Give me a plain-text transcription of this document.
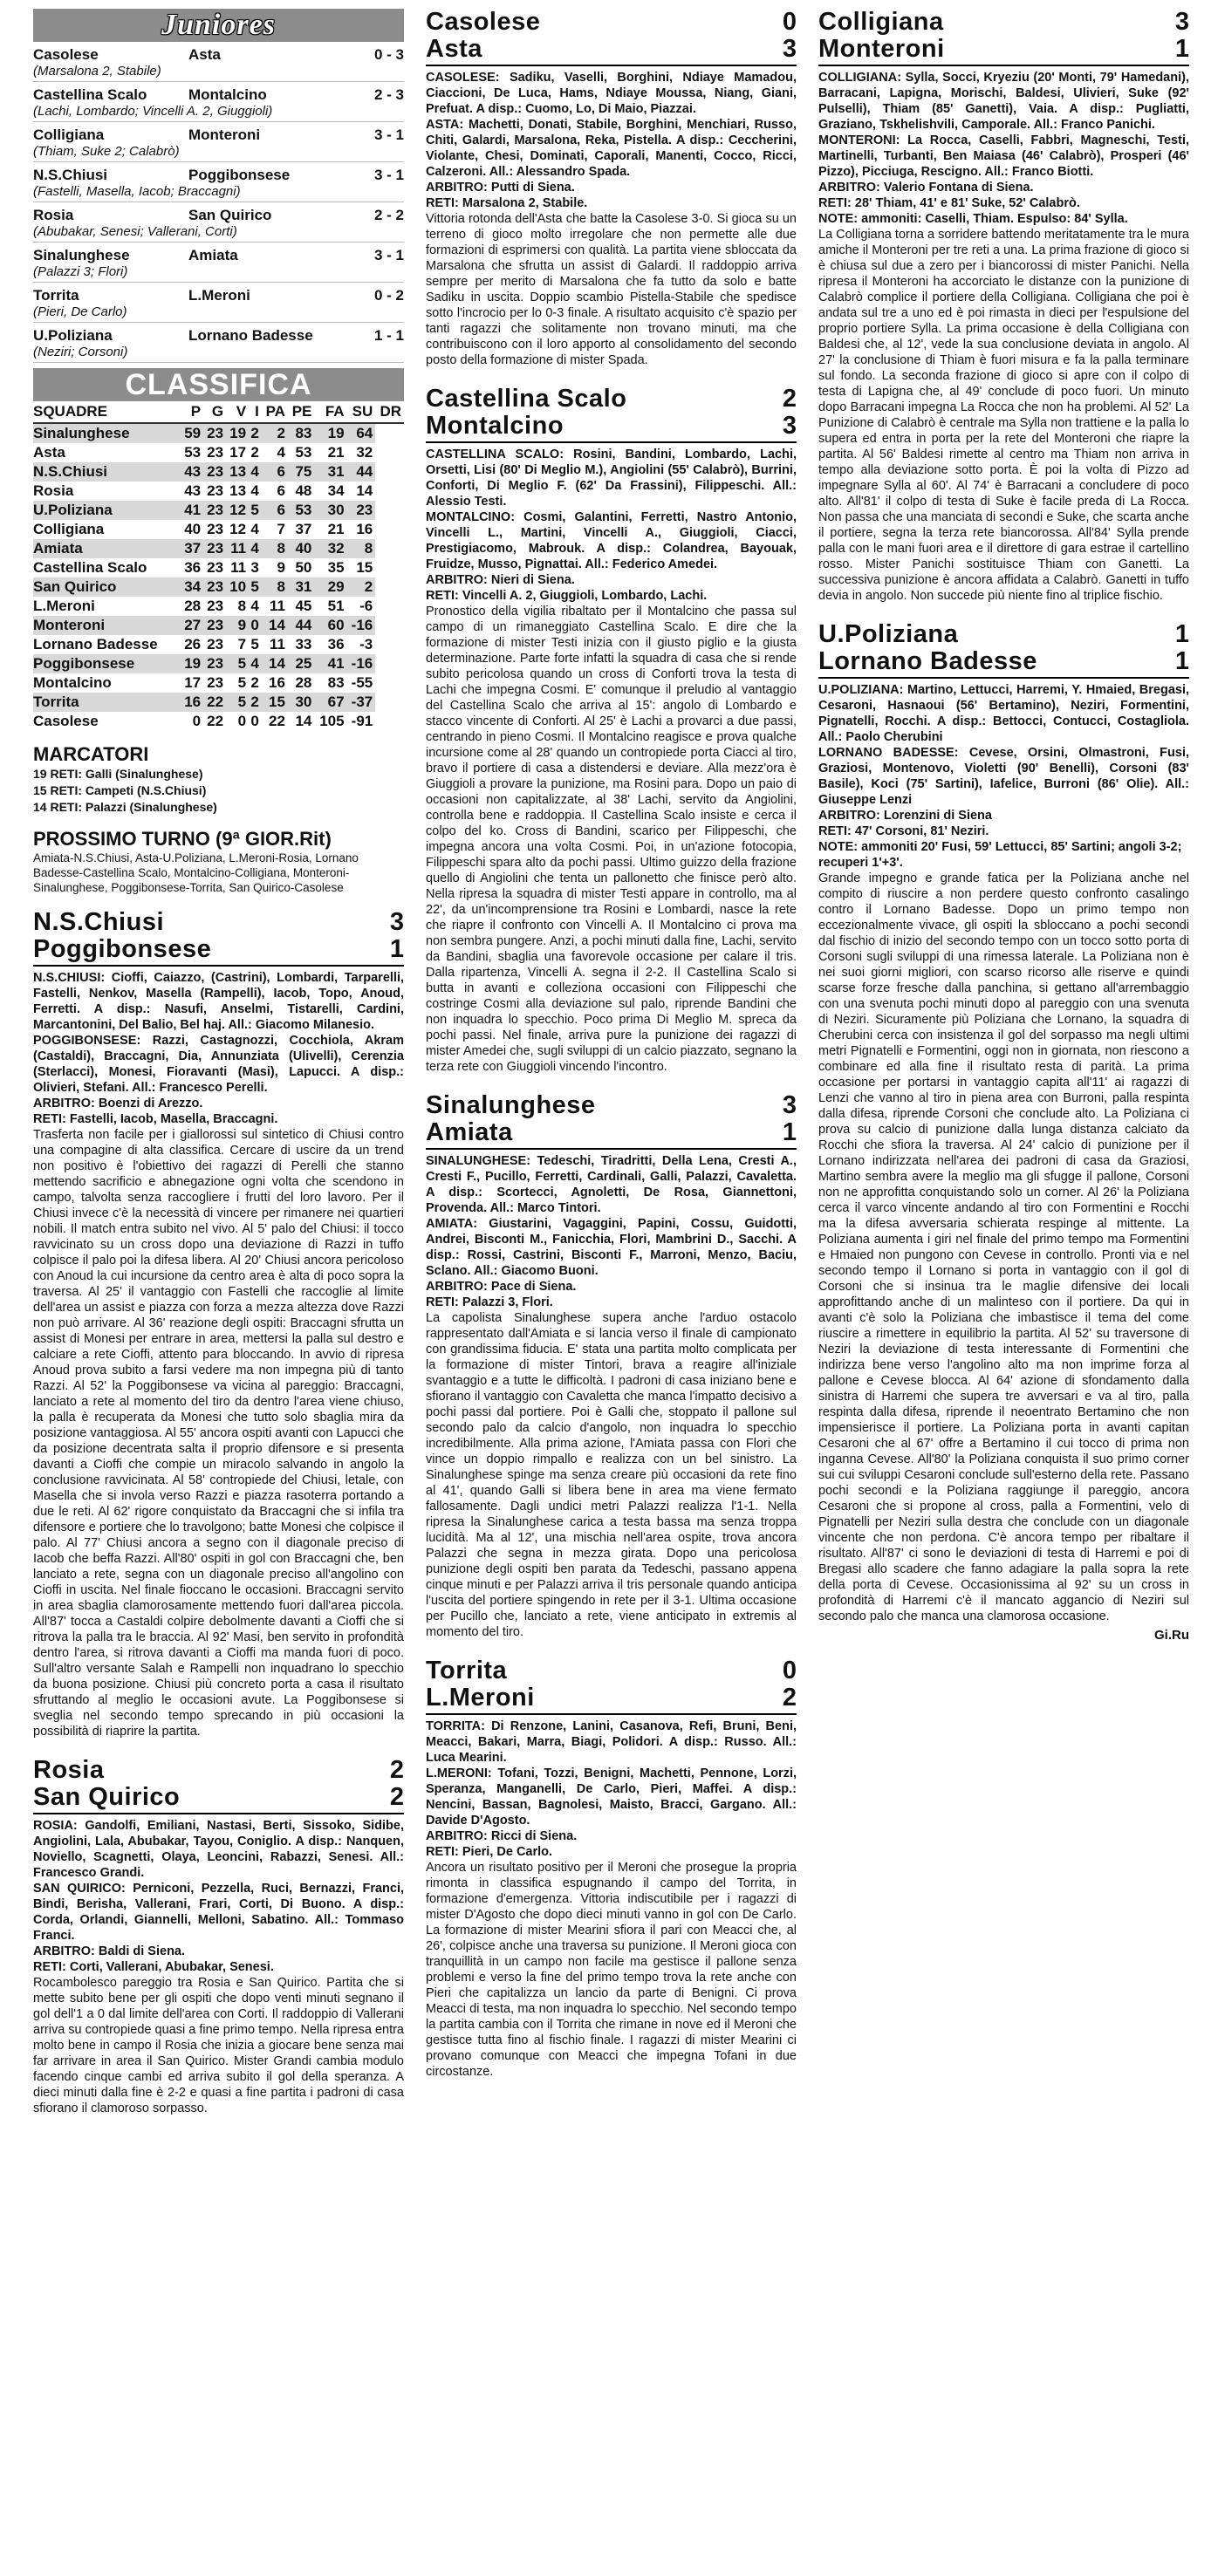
Juniores
Casolese	Asta	0 - 3
(Marsalona 2, Stabile)
Castellina Scalo	Montalcino	2 - 3
(Lachi, Lombardo; Vincelli A. 2, Giuggioli)
Colligiana	Monteroni	3 - 1
(Thiam, Suke 2; Calabrò)
N.S.Chiusi	Poggibonsese	3 - 1
(Fastelli, Masella, Iacob; Braccagni)
Rosia	San Quirico	2 - 2
(Abubakar, Senesi; Vallerani, Corti)
Sinalunghese	Amiata	3 - 1
(Palazzi 3; Flori)
Torrita	L.Meroni	0 - 2
(Pieri, De Carlo)
U.Poliziana	Lornano Badesse	1 - 1
(Neziri; Corsoni)
CLASSIFICA
SQUADRE	P	G	V	I	PA	PE	FA	SU	DR
Sinalunghese	59	23	19	2	2	83	19	64	
Asta	53	23	17	2	4	53	21	32	
N.S.Chiusi	43	23	13	4	6	75	31	44	
Rosia	43	23	13	4	6	48	34	14	
U.Poliziana	41	23	12	5	6	53	30	23	
Colligiana	40	23	12	4	7	37	21	16	
Amiata	37	23	11	4	8	40	32	8	
Castellina Scalo	36	23	11	3	9	50	35	15	
San Quirico	34	23	10	5	8	31	29	2	
L.Meroni	28	23	8	4	11	45	51	-6	
Monteroni	27	23	9	0	14	44	60	-16	
Lornano Badesse	26	23	7	5	11	33	36	-3	
Poggibonsese	19	23	5	4	14	25	41	-16	
Montalcino	17	23	5	2	16	28	83	-55	
Torrita	16	22	5	2	15	30	67	-37	
Casolese	0	22	0	0	22	14	105	-91	
MARCATORI
19 RETI: Galli (Sinalunghese)
15 RETI: Campeti (N.S.Chiusi)
14 RETI: Palazzi (Sinalunghese)
PROSSIMO TURNO (9ª GIOR.Rit)
Amiata-N.S.Chiusi, Asta-U.Poliziana, L.Meroni-Rosia, Lornano Badesse-Castellina Scalo, Montalcino-Colligiana, Monteroni-Sinalunghese, Poggibonsese-Torrita, San Quirico-Casolese
N.S.Chiusi	3
Poggibonsese	1
N.S.CHIUSI: Cioffi, Caiazzo, (Castrini), Lombardi, Tarparelli, Fastelli, Nenkov, Masella (Rampelli), Iacob, Topo, Anoud, Ferretti. A disp.: Nasufi, Anselmi, Tistarelli, Cardini, Marcantonini, Del Balio, Bel haj. All.: Giacomo Milanesio.
POGGIBONSESE: Razzi, Castagnozzi, Cocchiola, Akram (Castaldi), Braccagni, Dia, Annunziata (Ulivelli), Cerenzia (Sterlacci), Monesi, Fioravanti (Masi), Lapucci. A disp.: Olivieri, Stefani. All.: Francesco Perelli.
ARBITRO: Boenzi di Arezzo.
RETI: Fastelli, Iacob, Masella, Braccagni.
Trasferta non facile per i giallorossi sul sintetico di Chiusi contro una compagine di alta classifica. Cercare di uscire da un trend non positivo è l'obiettivo dei ragazzi di Perelli che stanno mettendo sacrificio e abnegazione ogni volta che scendono in campo, talvolta senza raccogliere i frutti del loro lavoro. Per il Chiusi invece c'è la necessità di vincere per rimanere nei quartieri nobili. Il match entra subito nel vivo. Al 5' palo del Chiusi: il tocco ravvicinato su un cross dopo una deviazione di Razzi in tuffo colpisce il palo poi la difesa libera. Al 20' Chiusi ancora pericoloso con Anoud la cui incursione da centro area è alta di poco sopra la traversa. Al 25' il vantaggio con Fastelli che raccoglie al limite dell'area un assist e piazza con forza a mezza altezza dove Razzi non può arrivare. Al 36' reazione degli ospiti: Braccagni sfrutta un assist di Monesi per entrare in area, mettersi la palla sul destro e calciare a rete Cioffi, attento para bloccando. In avvio di ripresa Anoud prova subito a farsi vedere ma non impegna più di tanto Razzi. Al 52' la Poggibonsese va vicina al pareggio: Braccagni, lanciato a rete al momento del tiro da dentro l'area viene chiuso, la palla è recuperata da Monesi che tutto solo sbaglia mira da posizione vantaggiosa. Al 55' ancora ospiti avanti con Lapucci che da posizione decentrata salta il proprio difensore e si presenta davanti a Cioffi che compie un miracolo salvando in angolo la conclusione ravvicinata. Al 58' contropiede del Chiusi, letale, con Masella che si invola verso Razzi e piazza rasoterra portando a due le reti. Al 62' rigore conquistato da Braccagni che si infila tra difensore e portiere che lo travolgono; batte Monesi che colpisce il palo. Al 77' Chiusi ancora a segno con il diagonale preciso di Iacob che beffa Razzi. All'80' ospiti in gol con Braccagni che, ben lanciato a rete, segna con un diagonale preciso all'angolino con Cioffi in uscita. Nel finale fioccano le occasioni. Braccagni servito in area sbaglia clamorosamente mettendo fuori dall'area piccola. All'87' tocca a Castaldi colpire debolmente davanti a Cioffi che si ritrova la palla tra le braccia. Al 92' Masi, ben servito in profondità dentro l'area, si ritrova davanti a Cioffi ma manda fuori di poco. Sull'altro versante Salah e Rampelli non inquadrano lo specchio da buona posizione. Chiusi più concreto porta a casa il risultato sfruttando al meglio le occasioni avute. La Poggibonsese si sveglia nel secondo tempo sprecando in più occasioni la possibilità di riaprire la partita.
Rosia	2
San Quirico	2
ROSIA: Gandolfi, Emiliani, Nastasi, Berti, Sissoko, Sidibe, Angiolini, Lala, Abubakar, Tayou, Coniglio. A disp.: Nanquen, Noviello, Scagnetti, Olaya, Leoncini, Rabazzi, Senesi. All.: Francesco Grandi.
SAN QUIRICO: Perniconi, Pezzella, Ruci, Bernazzi, Franci, Bindi, Berisha, Vallerani, Frari, Corti, Di Buono. A disp.: Corda, Orlandi, Giannelli, Melloni, Sabatino. All.: Tommaso Franci.
ARBITRO: Baldi di Siena.
RETI: Corti, Vallerani, Abubakar, Senesi.
Rocambolesco pareggio tra Rosia e San Quirico. Partita che si mette subito bene per gli ospiti che dopo venti minuti segnano il gol dell'1 a 0 dal limite dell'area con Corti. Il raddoppio di Vallerani arriva su contropiede quasi a fine primo tempo. Nella ripresa entra molto bene in campo il Rosia che inizia a giocare bene senza mai far arrivare in area il San Quirico. Mister Grandi cambia modulo facendo cinque cambi ed arriva subito il gol della speranza. A dieci minuti dalla fine è 2-2 e quasi a fine partita i padroni di casa sfiorano il clamoroso sorpasso.
Casolese	0
Asta	3
CASOLESE: Sadiku, Vaselli, Borghini, Ndiaye Mamadou, Ciaccioni, De Luca, Hams, Ndiaye Moussa, Niang, Giani, Prefuat. A disp.: Cuomo, Lo, Di Maio, Piazzai.
ASTA: Machetti, Donati, Stabile, Borghini, Menchiari, Russo, Chiti, Galardi, Marsalona, Reka, Pistella. A disp.: Ceccherini, Violante, Chesi, Dominati, Caporali, Manenti, Cocco, Ricci, Calzeroni. All.: Alessandro Spada.
ARBITRO: Putti di Siena.
RETI: Marsalona 2, Stabile.
Vittoria rotonda dell'Asta che batte la Casolese 3-0. Si gioca su un terreno di gioco molto irregolare che non permette alle due formazioni di esprimersi con qualità. La partita viene sbloccata da Marsalona che sfrutta un assist di Galardi. Il raddoppio arriva sempre per merito di Marsalona che fa tutto da solo e batte Sadiku in uscita. Doppio scambio Pistella-Stabile che spedisce sotto l'incrocio per lo 0-3 finale. A risultato acquisito c'è spazio per tanti ragazzi che solitamente non trovano minuti, ma che contribuiscono con il loro apporto al consolidamento del secondo posto della formazione di mister Spada.
Castellina Scalo	2
Montalcino	3
CASTELLINA SCALO: Rosini, Bandini, Lombardo, Lachi, Orsetti, Lisi (80' Di Meglio M.), Angiolini (55' Calabrò), Burrini, Conforti, Di Meglio F. (62' Da Frassini), Filippeschi. All.: Alessio Testi.
MONTALCINO: Cosmi, Galantini, Ferretti, Nastro Antonio, Vincelli L., Martini, Vincelli A., Giuggioli, Ciacci, Prestigiacomo, Mabrouk. A disp.: Colandrea, Bayouak, Fruidze, Musso, Pignattai. All.: Federico Amedei.
ARBITRO: Nieri di Siena.
RETI: Vincelli A. 2, Giuggioli, Lombardo, Lachi.
Pronostico della vigilia ribaltato per il Montalcino che passa sul campo di un rimaneggiato Castellina Scalo. E dire che la formazione di mister Testi inizia con il giusto piglio e la giusta determinazione. Parte forte infatti la squadra di casa che si rende subito pericolosa quando un cross di Conforti trova la testa di Lachi che impegna Cosmi. E' comunque il preludio al vantaggio del Castellina Scalo che arriva al 15': angolo di Lombardo e stacco vincente di Conforti. Al 25' è Lachi a provarci a due passi, centrando in pieno Cosmi. Il Montalcino reagisce e prova qualche incursione come al 28' quando un contropiede porta Ciacci al tiro, bravo il portiere di casa a distendersi e deviare. Alla mezz'ora è Giuggioli a provare la punizione, ma Rosini para. Dopo un paio di occasioni non capitalizzate, al 38' Lachi, servito da Angiolini, controlla bene e raddoppia. Il Castellina Scalo insiste e cerca il colpo del ko. Cross di Bandini, scarico per Filippeschi, che impegna ancora una volta Cosmi. Poi, in un'azione fotocopia, Filippeschi spara alto da pochi passi. Ultimo guizzo della frazione quello di Angiolini che tenta un pallonetto che finisce però alto. Nella ripresa la squadra di mister Testi appare in controllo, ma al 22', da un'incomprensione tra Rosini e Lombardi, nasce la rete che riapre il confronto con Vincelli A. Il Montalcino ci prova ma non sembra pungere. Anzi, a pochi minuti dalla fine, Lachi, servito da Bandini, sbaglia una favorevole occasione per calare il tris. Dalla ripartenza, Vincelli A. segna il 2-2. Il Castellina Scalo si butta in avanti e colleziona occasioni con Filippeschi che costringe Cosmi alla deviazione sul palo, riprende Bandini che non inquadra lo specchio. Poco prima Di Meglio M. spreca da pochi passi. Nel finale, arriva pure la punizione dei ragazzi di mister Amedei che, sugli sviluppi di un calcio piazzato, segnano la terza rete con Giuggioli vincendo l'incontro.
Sinalunghese	3
Amiata	1
SINALUNGHESE: Tedeschi, Tiradritti, Della Lena, Cresti A., Cresti F., Pucillo, Ferretti, Cardinali, Galli, Palazzi, Cavaletta. A disp.: Scortecci, Agnoletti, De Rosa, Giannettoni, Provenda. All.: Marco Tintori.
AMIATA: Giustarini, Vagaggini, Papini, Cossu, Guidotti, Andrei, Bisconti M., Fanicchia, Flori, Mambrini D., Sacchi. A disp.: Rossi, Castrini, Bisconti F., Marroni, Menzo, Baciu, Sclano. All.: Giacomo Buoni.
ARBITRO: Pace di Siena.
RETI: Palazzi 3, Flori.
La capolista Sinalunghese supera anche l'arduo ostacolo rappresentato dall'Amiata e si lancia verso il finale di campionato con grandissima fiducia. E' stata una partita molto complicata per la formazione di mister Tintori, brava a reagire all'iniziale svantaggio e a tutte le difficoltà. I padroni di casa iniziano bene e sfiorano il vantaggio con Cavaletta che manca l'impatto decisivo a pochi passi dal portiere. Poi è Galli che, stoppato il pallone sul secondo palo da calcio d'angolo, non inquadra lo specchio incredibilmente. Alla prima azione, l'Amiata passa con Flori che vince un doppio rimpallo e realizza con un bel sinistro. La Sinalunghese spinge ma senza creare più occasioni da rete fino al 41', quando Galli si libera bene in area ma viene fermato fallosamente. Dagli undici metri Palazzi realizza l'1-1. Nella ripresa la Sinalunghese carica a testa bassa ma senza troppa lucidità. Ma al 12', una mischia nell'area ospite, trova ancora Palazzi che segna in mezza girata. Dopo una pericolosa punizione degli ospiti ben parata da Tedeschi, passano appena cinque minuti e per Palazzi arriva il tris personale quando anticipa l'uscita del portiere spingendo in rete per il 3-1. Ultima occasione per Pucillo che, lanciato a rete, viene anticipato in extremis al momento del tiro.
Torrita	0
L.Meroni	2
TORRITA: Di Renzone, Lanini, Casanova, Refi, Bruni, Beni, Meacci, Bakari, Marra, Biagi, Polidori. A disp.: Russo. All.: Luca Mearini.
L.MERONI: Tofani, Tozzi, Benigni, Machetti, Pennone, Lorzi, Speranza, Manganelli, De Carlo, Pieri, Maffei. A disp.: Nencini, Bassan, Bagnolesi, Maisto, Bracci, Gargano. All.: Davide D'Agosto.
ARBITRO: Ricci di Siena.
RETI: Pieri, De Carlo.
Ancora un risultato positivo per il Meroni che prosegue la propria rimonta in classifica espugnando il campo del Torrita, in formazione d'emergenza. Vittoria indiscutibile per i ragazzi di mister D'Agosto che dopo dieci minuti vanno in gol con De Carlo. La formazione di mister Mearini sfiora il pari con Meacci che, al 26', colpisce anche una traversa su punizione. Il Meroni gioca con tranquillità in un campo non facile ma gestisce il pallone senza problemi e verso la fine del primo tempo trova la rete anche con Pieri che capitalizza un lancio da parte di Benigni. Ci prova Meacci di testa, ma non inquadra lo specchio. Nel secondo tempo la partita cambia con il Torrita che rimane in nove ed il Meroni che gestisce tutta fino al fischio finale. I ragazzi di mister Mearini ci provano comunque con Meacci che impegna Tofani in due circostanze.
Colligiana	3
Monteroni	1
COLLIGIANA: Sylla, Socci, Kryeziu (20' Monti, 79' Hamedani), Barracani, Lapigna, Morischi, Baldesi, Ulivieri, Suke (92' Pulselli), Thiam (85' Ganetti), Vaia. A disp.: Pugliatti, Graziano, Tskhelishvili, Camporale. All.: Franco Panichi.
MONTERONI: La Rocca, Caselli, Fabbri, Magneschi, Testi, Martinelli, Turbanti, Ben Maiasa (46' Calabrò), Prosperi (46' Pizzo), Picciuga, Rescigno. All.: Franco Biotti.
ARBITRO: Valerio Fontana di Siena.
RETI: 28' Thiam, 41' e 81' Suke, 52' Calabrò.
NOTE: ammoniti: Caselli, Thiam. Espulso: 84' Sylla.
La Colligiana torna a sorridere battendo meritatamente tra le mura amiche il Monteroni per tre reti a una. La prima frazione di gioco si è chiusa sul due a zero per i biancorossi di mister Panichi. Nella ripresa il Monteroni ha accorciato le distanze con la punizione di Calabrò complice il portiere della Colligiana. Colligiana che poi è andata sul tre a uno ed è poi rimasta in dieci per l'espulsione del proprio portiere Sylla. La prima occasione è della Colligiana con Baldesi che, al 12', vede la sua conclusione deviata in angolo. Al 27' la conclusione di Thiam è fuori misura e fa la palla terminare sul fondo. La seconda frazione di gioco si apre con il colpo di testa di Lapigna che, al 49' conclude di poco fuori. Un minuto dopo Barracani impegna La Rocca che non ha problemi. Al 52' La Punizione di Calabrò è centrale ma Sylla non trattiene e la palla lo supera ed entra in porta per la rete del Monteroni che riapre la partita. Al 56' Baldesi rimette al centro ma Thiam non arriva in tempo alla deviazione sotto porta. È poi la volta di Pizzo ad impegnare Sylla al 60'. Al 74' è Barracani a concludere di poco alto. All'81' il colpo di testa di Suke è facile preda di La Rocca. Non passa che una manciata di secondi e Suke, che scarta anche il portiere, segna la terza rete biancorossa. All'84' Sylla prende palla con le mani fuori area e il direttore di gara estrae il cartellino rosso. Mister Panichi sostituisce Thiam con Ganetti. La successiva punizione è ancora affidata a Calabrò. Ganetti in tuffo devia in angolo. Non succede più niente fino al triplice fischio.
U.Poliziana	1
Lornano Badesse	1
U.POLIZIANA: Martino, Lettucci, Harremi, Y. Hmaied, Bregasi, Cesaroni, Hasnaoui (56' Bertamino), Neziri, Formentini, Pignatelli, Rocchi. A disp.: Bettocci, Contucci, Costagliola. All.: Paolo Cherubini
LORNANO BADESSE: Cevese, Orsini, Olmastroni, Fusi, Graziosi, Montenovo, Violetti (90' Benelli), Corsoni (83' Basile), Koci (75' Sartini), Iafelice, Burroni (86' Olie). All.: Giuseppe Lenzi
ARBITRO: Lorenzini di Siena
RETI: 47' Corsoni, 81' Neziri.
NOTE: ammoniti 20' Fusi, 59' Lettucci, 85' Sartini; angoli 3-2; recuperi 1'+3'.
Grande impegno e grande fatica per la Poliziana anche nel compito di riuscire a non perdere questo confronto casalingo contro il Lornano Badesse. Dopo un primo tempo non eccezionalmente vivace, gli ospiti la sbloccano a pochi secondi dal fischio di inizio del secondo tempo con un tocco sotto porta di Corsoni sugli sviluppi di una rimessa laterale. La Poliziana non è nei suoi giorni migliori, con scarso ricorso alle riserve e quindi scarse forze fresche dalla panchina, si gettano all'arrembaggio con una svenuta pochi minuti dopo al pareggio con una svenuta di Neziri. Sicuramente più Poliziana che Lornano, la squadra di Cherubini cerca con insistenza il gol del sorpasso ma negli ultimi metri Pignatelli e Formentini, oggi non in giornata, non riescono a combinare ed alla fine il risultato resta di parità. La prima occasione per portarsi in vantaggio capita all'11' ai ragazzi di Lenzi che vanno al tiro in piena area con Burroni, palla respinta dalla difesa, riprende Corsoni che conclude alto. La Poliziana ci prova su calcio di punizione dalla lunga distanza calciato da Rocchi che sfiora la traversa. Al 24' calcio di punizione per il Lornano indirizzata nell'area dei padroni di casa da Graziosi, Martino sembra avere la meglio ma gli sfugge il pallone, Corsoni non ne approfitta conquistando solo un corner. Al 26' la Poliziana cerca il varco vincente andando al tiro con Formentini e Rocchi ma la difesa avversaria schierata respinge al mittente. La Poliziana aumenta i giri nel finale del primo tempo ma Formentini e Hmaied non pungono con Cevese in controllo. Pronti via e nel secondo tempo il Lornano si porta in vantaggio con il gol di Corsoni che si insinua tra le maglie difensive dei locali approfittando anche di un malinteso con il portiere. Da qui in avanti c'è solo la Poliziana che imbastisce il tema del come riuscire a rimettere in equilibrio la partita. Al 52' su traversone di Neziri la deviazione di testa interessante di Formentini che indirizza bene verso l'angolino alto ma non imprime forza al pallone e Cevese blocca. Al 64' azione di sfondamento dalla sinistra di Harremi che supera tre avversari e va al tiro, palla respinta dalla difesa, riprende il neoentrato Bertamino che non impensierisce il portiere. La Poliziana porta in avanti capitan Cesaroni che al 67' offre a Bertamino il cui tocco di prima non inganna Cevese. All'80' la Poliziana conquista il suo primo corner sui cui sviluppi Cesaroni conclude sull'esterno della rete. Passano pochi secondi e la Poliziana raggiunge il pareggio, ancora Cesaroni che si propone al cross, palla a Formentini, velo di Pignatelli per Neziri sulla destra che conclude con un diagonale vincente che non perdona. C'è ancora tempo per ribaltare il risultato. All'87' ci sono le deviazioni di testa di Harremi e poi di Bregasi allo scadere che fanno adagiare la palla sopra la rete della porta di Cevese. Occasionissima al 92' su un cross in profondità di Harremi c'è il mancato aggancio di Neziri sul secondo palo che manca una clamorosa occasione.
Gi.Ru
